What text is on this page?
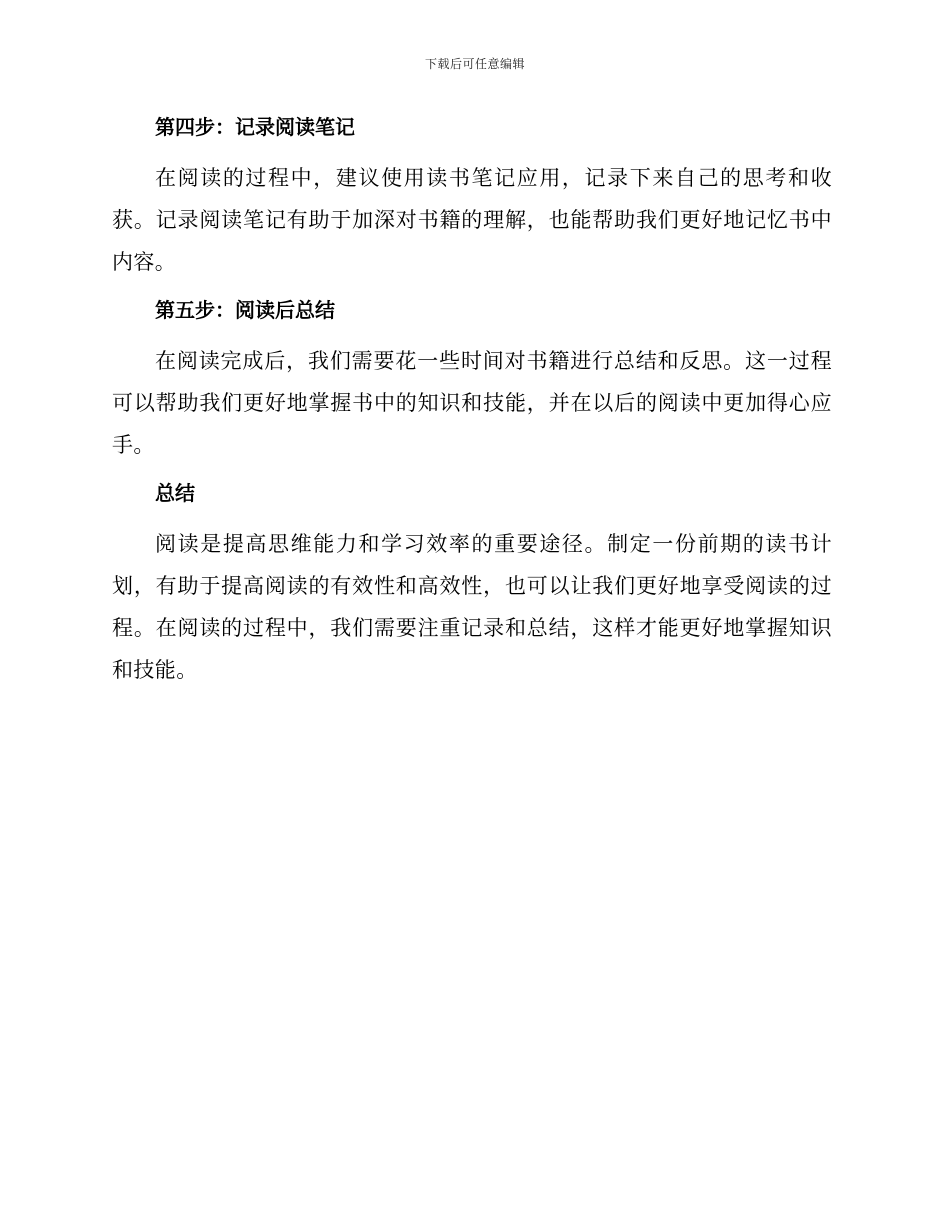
下载后可任意编辑
第四步：记录阅读笔记

在阅读的过程中，建议使用读书笔记应用，记录下来自己的思考和收获。记录阅读笔记有助于加深对书籍的理解，也能帮助我们更好地记忆书中内容。

第五步：阅读后总结

在阅读完成后，我们需要花一些时间对书籍进行总结和反思。这一过程可以帮助我们更好地掌握书中的知识和技能，并在以后的阅读中更加得心应手。

总结

阅读是提高思维能力和学习效率的重要途径。制定一份前期的读书计划，有助于提高阅读的有效性和高效性，也可以让我们更好地享受阅读的过程。在阅读的过程中，我们需要注重记录和总结，这样才能更好地掌握知识和技能。
